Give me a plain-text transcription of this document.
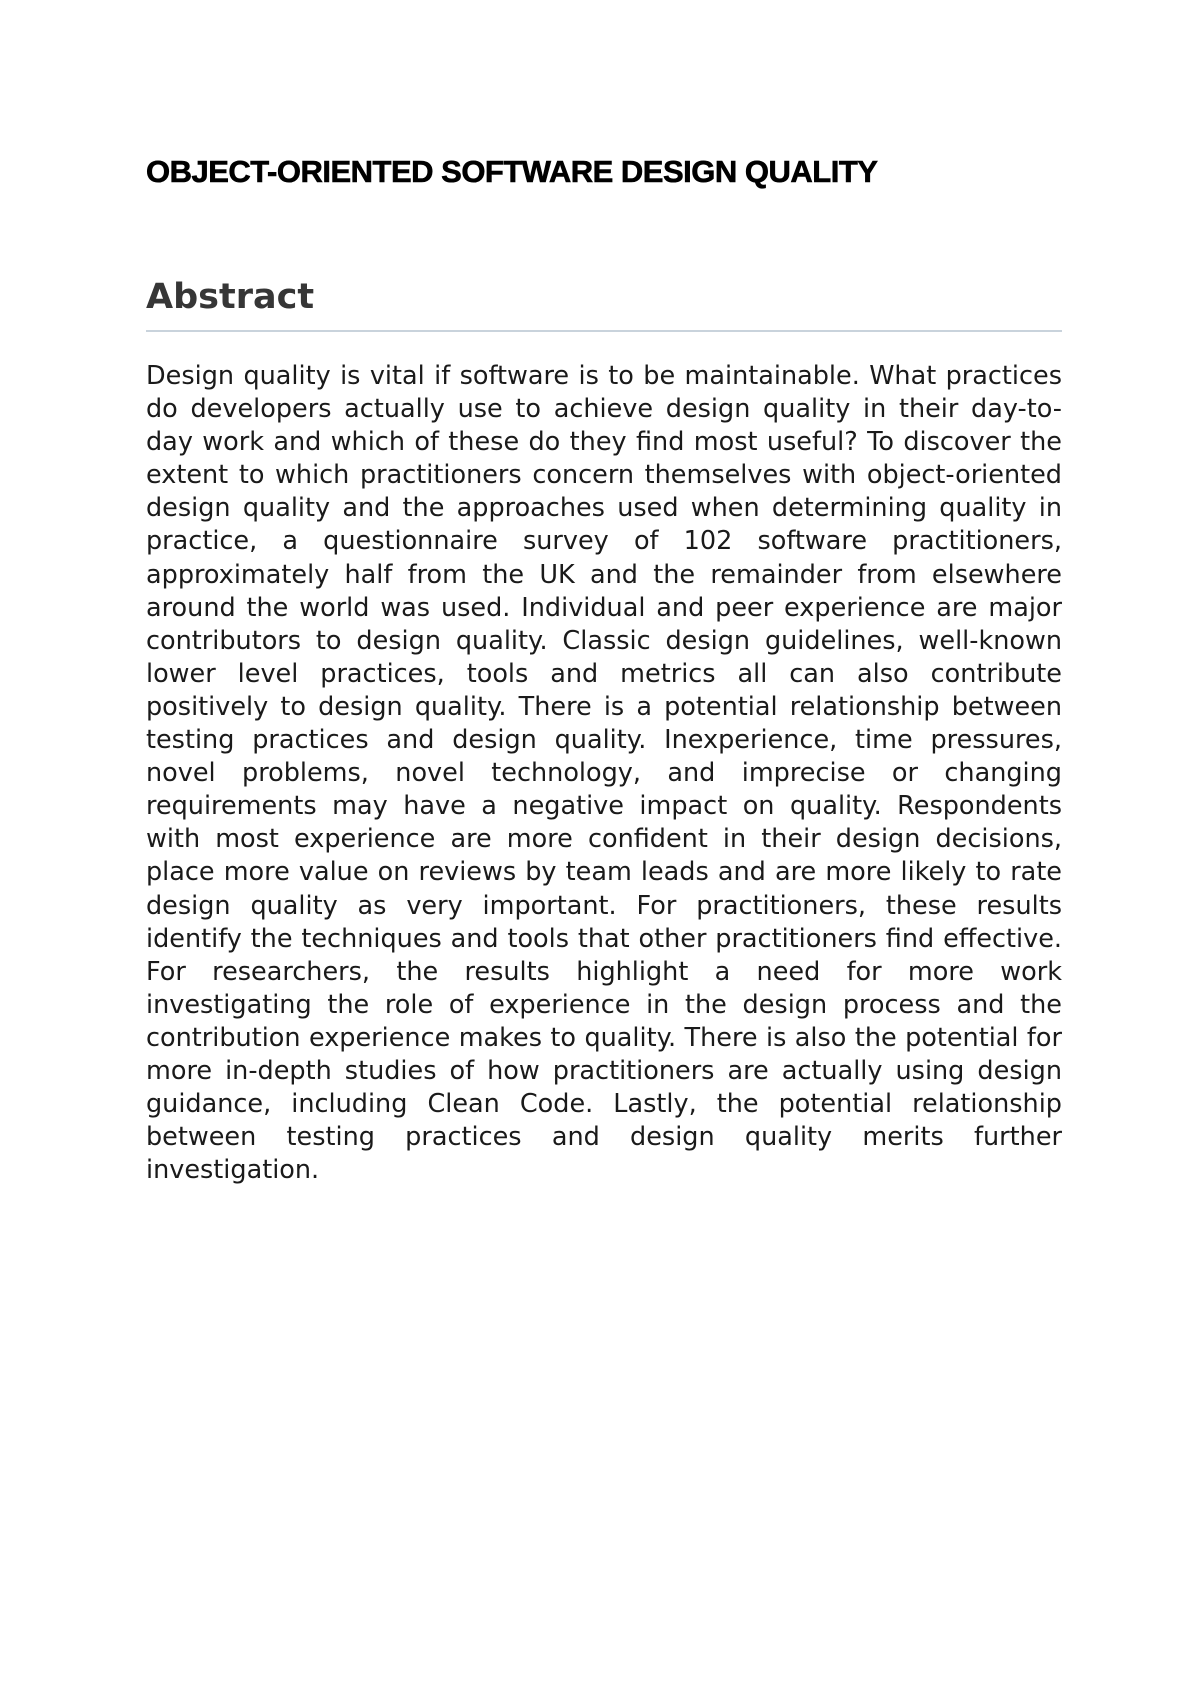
OBJECT-ORIENTED SOFTWARE DESIGN QUALITY
Abstract

Design quality is vital if software is to be maintainable. What practices do developers actually use to achieve design quality in their day-to-day work and which of these do they find most useful? To discover the extent to which practitioners concern themselves with object-oriented design quality and the approaches used when determining quality in practice, a questionnaire survey of 102 software practitioners, approximately half from the UK and the remainder from elsewhere around the world was used. Individual and peer experience are major contributors to design quality. Classic design guidelines, well-known lower level practices, tools and metrics all can also contribute positively to design quality. There is a potential relationship between testing practices and design quality. Inexperience, time pressures, novel problems, novel technology, and imprecise or changing requirements may have a negative impact on quality. Respondents with most experience are more confident in their design decisions, place more value on reviews by team leads and are more likely to rate design quality as very important. For practitioners, these results identify the techniques and tools that other practitioners find effective. For researchers, the results highlight a need for more work investigating the role of experience in the design process and the contribution experience makes to quality. There is also the potential for more in-depth studies of how practitioners are actually using design guidance, including Clean Code. Lastly, the potential relationship between testing practices and design quality merits further investigation.
